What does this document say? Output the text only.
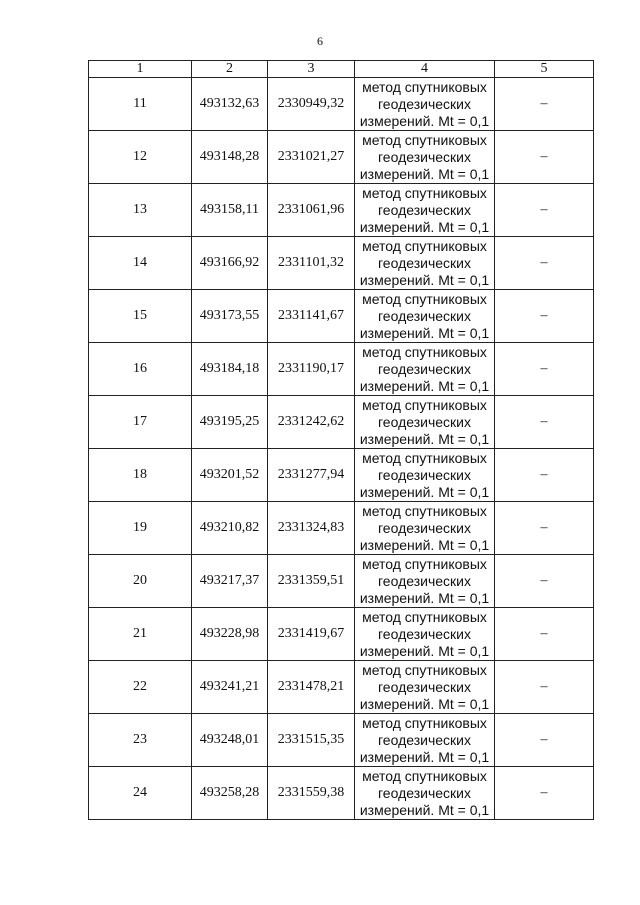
6
1	2	3	4	5
11	493132,63	2330949,32	метод спутниковых геодезических измерений. Mt = 0,1	–
12	493148,28	2331021,27	метод спутниковых геодезических измерений. Mt = 0,1	–
13	493158,11	2331061,96	метод спутниковых геодезических измерений. Mt = 0,1	–
14	493166,92	2331101,32	метод спутниковых геодезических измерений. Mt = 0,1	–
15	493173,55	2331141,67	метод спутниковых геодезических измерений. Mt = 0,1	–
16	493184,18	2331190,17	метод спутниковых геодезических измерений. Mt = 0,1	–
17	493195,25	2331242,62	метод спутниковых геодезических измерений. Mt = 0,1	–
18	493201,52	2331277,94	метод спутниковых геодезических измерений. Mt = 0,1	–
19	493210,82	2331324,83	метод спутниковых геодезических измерений. Mt = 0,1	–
20	493217,37	2331359,51	метод спутниковых геодезических измерений. Mt = 0,1	–
21	493228,98	2331419,67	метод спутниковых геодезических измерений. Mt = 0,1	–
22	493241,21	2331478,21	метод спутниковых геодезических измерений. Mt = 0,1	–
23	493248,01	2331515,35	метод спутниковых геодезических измерений. Mt = 0,1	–
24	493258,28	2331559,38	метод спутниковых геодезических измерений. Mt = 0,1	–
